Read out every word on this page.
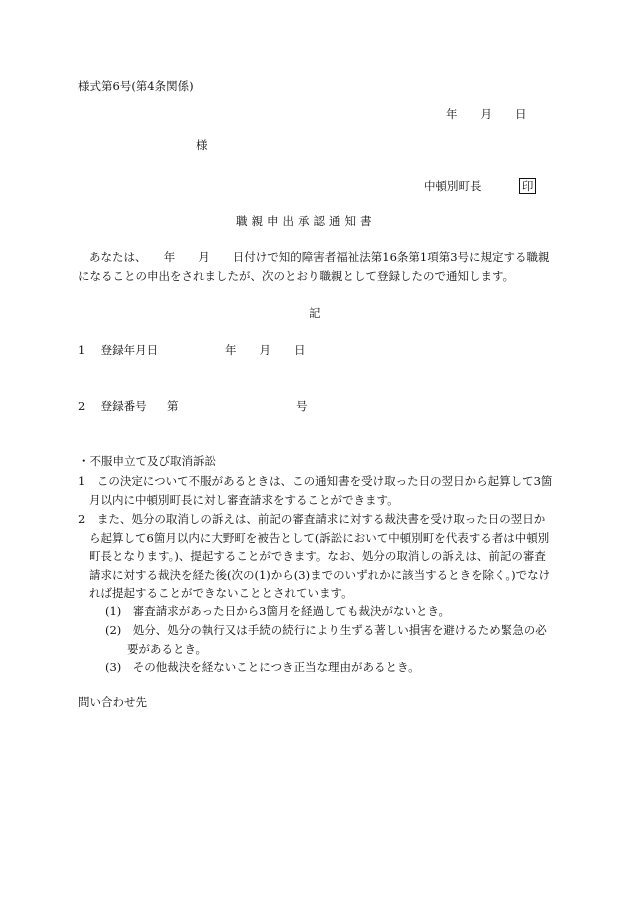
様式第6号(第4条関係)
年　　月　　日
様
中頓別町長	印
職親申出承認通知書
あなたは、　　年　　月　　日付けで知的障害者福祉法第16条第1項第3号に規定する職親になることの申出をされましたが、次のとおり職親として登録したので通知します。
記
1 登録年月日	年　　月　　日
2 登録番号 第	号
・不服申立て及び取消訴訟
1　この決定について不服があるときは、この通知書を受け取った日の翌日から起算して3箇月以内に中頓別町長に対し審査請求をすることができます。
2　また、処分の取消しの訴えは、前記の審査請求に対する裁決書を受け取った日の翌日から起算して6箇月以内に大野町を被告として(訴訟において中頓別町を代表する者は中頓別町長となります。)、提起することができます。なお、処分の取消しの訴えは、前記の審査請求に対する裁決を経た後(次の(1)から(3)までのいずれかに該当するときを除く。)でなければ提起することができないこととされています。
(1)　審査請求があった日から3箇月を経過しても裁決がないとき。
(2)　処分、処分の執行又は手続の続行により生ずる著しい損害を避けるため緊急の必要があるとき。
(3)　その他裁決を経ないことにつき正当な理由があるとき。
問い合わせ先
